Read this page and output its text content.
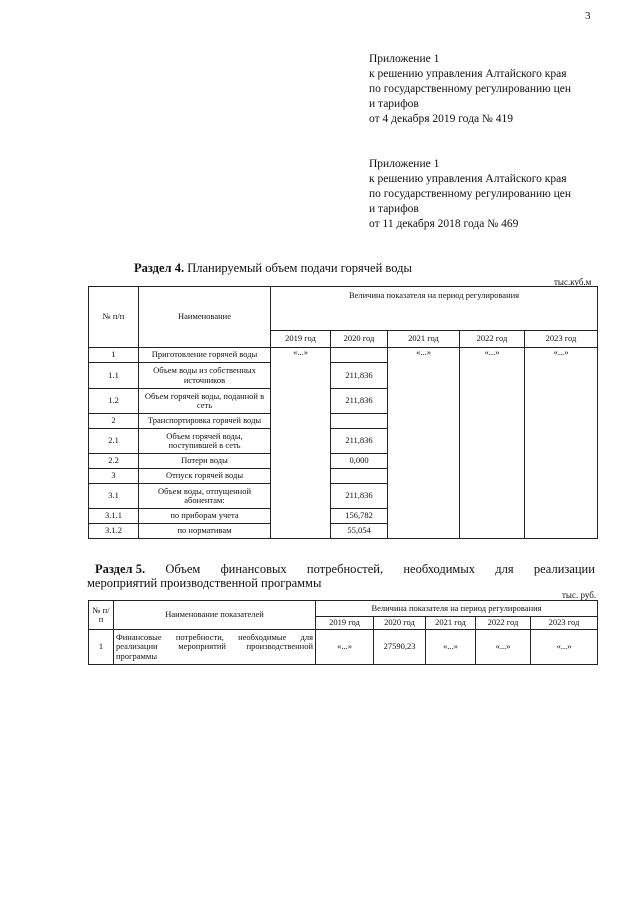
3
Приложение 1
к решению управления Алтайского края
по государственному регулированию цен
и тарифов
от 4 декабря 2019 года № 419
Приложение 1
к решению управления Алтайского края
по государственному регулированию цен
и тарифов
от 11 декабря 2018 года № 469
Раздел 4. Планируемый объем подачи горячей воды
тыс.куб.м
№ п/п	Наименование	Величина показателя на период регулирования				
		2019 год	2020 год	2021 год	2022 год	2023 год
1	Приготовление горячей воды	«...»		«...»	«...»	«...»
1.1	Объем воды из собственных источников		211,836			
1.2	Объем горячей воды, поданной в сеть		211,836			
2	Транспортировка горячей воды					
2.1	Объем горячей воды, поступившей в сеть		211,836			
2.2	Потери воды		0,000			
3	Отпуск горячей воды					
3.1	Объем воды, отпущенной абонентам:		211,836			
3.1.1	по приборам учета		156,782			
3.1.2	по нормативам		55,054			
Раздел 5. Объем финансовых потребностей, необходимых для реализации
мероприятий производственной программы
тыс. руб.
№ п/п	Наименование показателей	Величина показателя на период регулирования				
		2019 год	2020 год	2021 год	2022 год	2023 год
1	Финансовые потребности, необходимые для реализации мероприятий производственной программы	«...»	27590,23	«...»	«...»	«...»
